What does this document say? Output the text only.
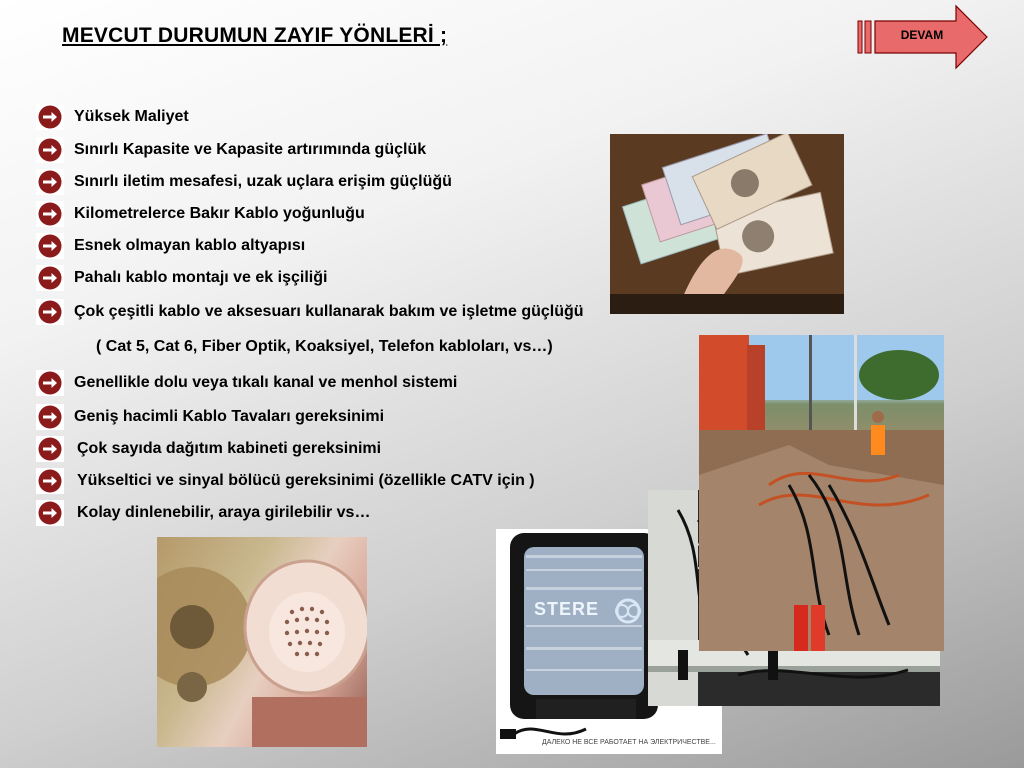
MEVCUT DURUMUN ZAYIF YÖNLERİ ;	DEVAM
Yüksek Maliyet
Sınırlı Kapasite ve Kapasite artırımında güçlük
Sınırlı iletim mesafesi, uzak uçlara erişim güçlüğü
Kilometrelerce Bakır Kablo yoğunluğu
Esnek olmayan kablo altyapısı
Pahalı kablo montajı ve ek işçiliği
Çok çeşitli kablo ve aksesuarı kullanarak bakım ve işletme güçlüğü
( Cat 5, Cat 6, Fiber Optik, Koaksiyel, Telefon kabloları, vs…)
Genellikle dolu veya tıkalı kanal ve menhol sistemi
Geniş hacimli Kablo Tavaları gereksinimi
Çok sayıda dağıtım kabineti gereksinimi
Yükseltici ve sinyal bölücü gereksinimi (özellikle CATV için )
Kolay dinlenebilir, araya girilebilir vs…
STERE
ДАЛЕКО НЕ ВСЕ РАБОТАЕТ НА ЭЛЕКТРИЧЕСТВЕ...
